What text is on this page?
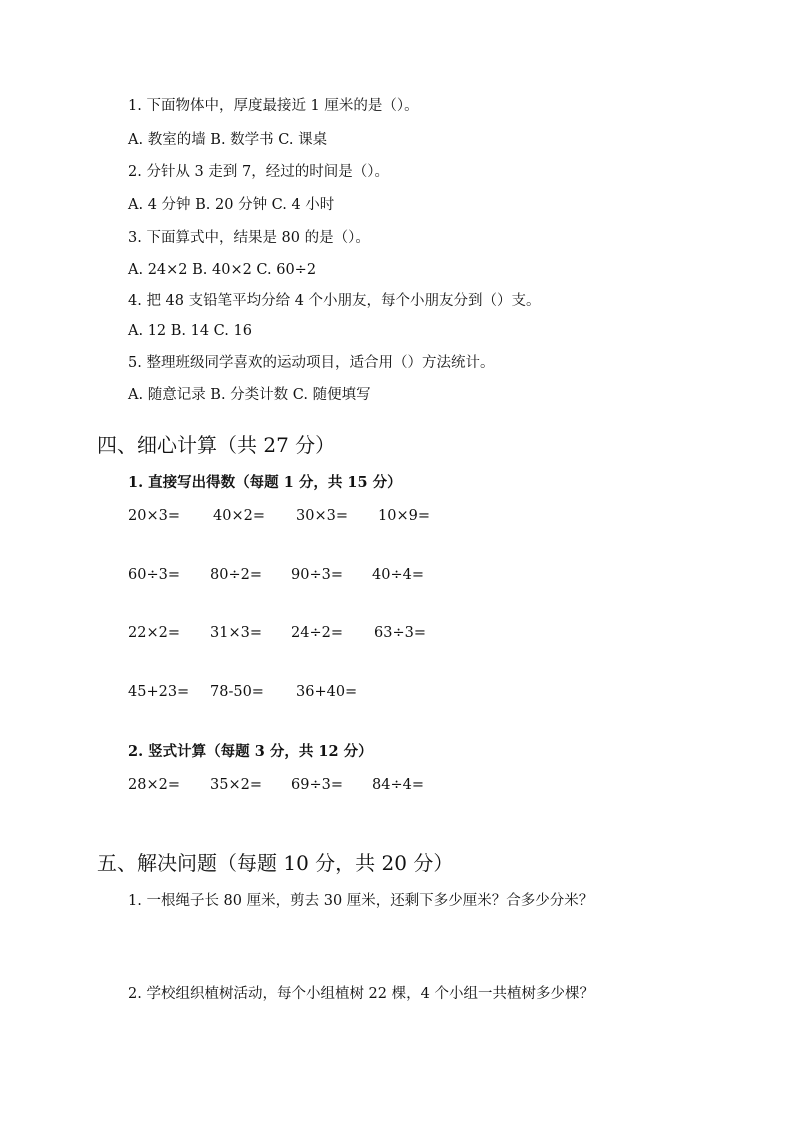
1. 下面物体中，厚度最接近 1 厘米的是（）。
A. 教室的墙 B. 数学书 C. 课桌
2. 分针从 3 走到 7，经过的时间是（）。
A. 4 分钟 B. 20 分钟 C. 4 小时
3. 下面算式中，结果是 80 的是（）。
A. 24×2 B. 40×2 C. 60÷2
4. 把 48 支铅笔平均分给 4 个小朋友，每个小朋友分到（）支。
A. 12 B. 14 C. 16
5. 整理班级同学喜欢的运动项目，适合用（）方法统计。
A. 随意记录 B. 分类计数 C. 随便填写
四、细心计算（共 27 分）
1. 直接写出得数（每题 1 分，共 15 分）
20×3= 40×2= 30×3= 10×9=
60÷3= 80÷2= 90÷3= 40÷4=
22×2= 31×3= 24÷2= 63÷3=
45+23= 78-50= 36+40=
2. 竖式计算（每题 3 分，共 12 分）
28×2= 35×2= 69÷3= 84÷4=
五、解决问题（每题 10 分，共 20 分）
1. 一根绳子长 80 厘米，剪去 30 厘米，还剩下多少厘米？合多少分米？
2. 学校组织植树活动，每个小组植树 22 棵，4 个小组一共植树多少棵？
